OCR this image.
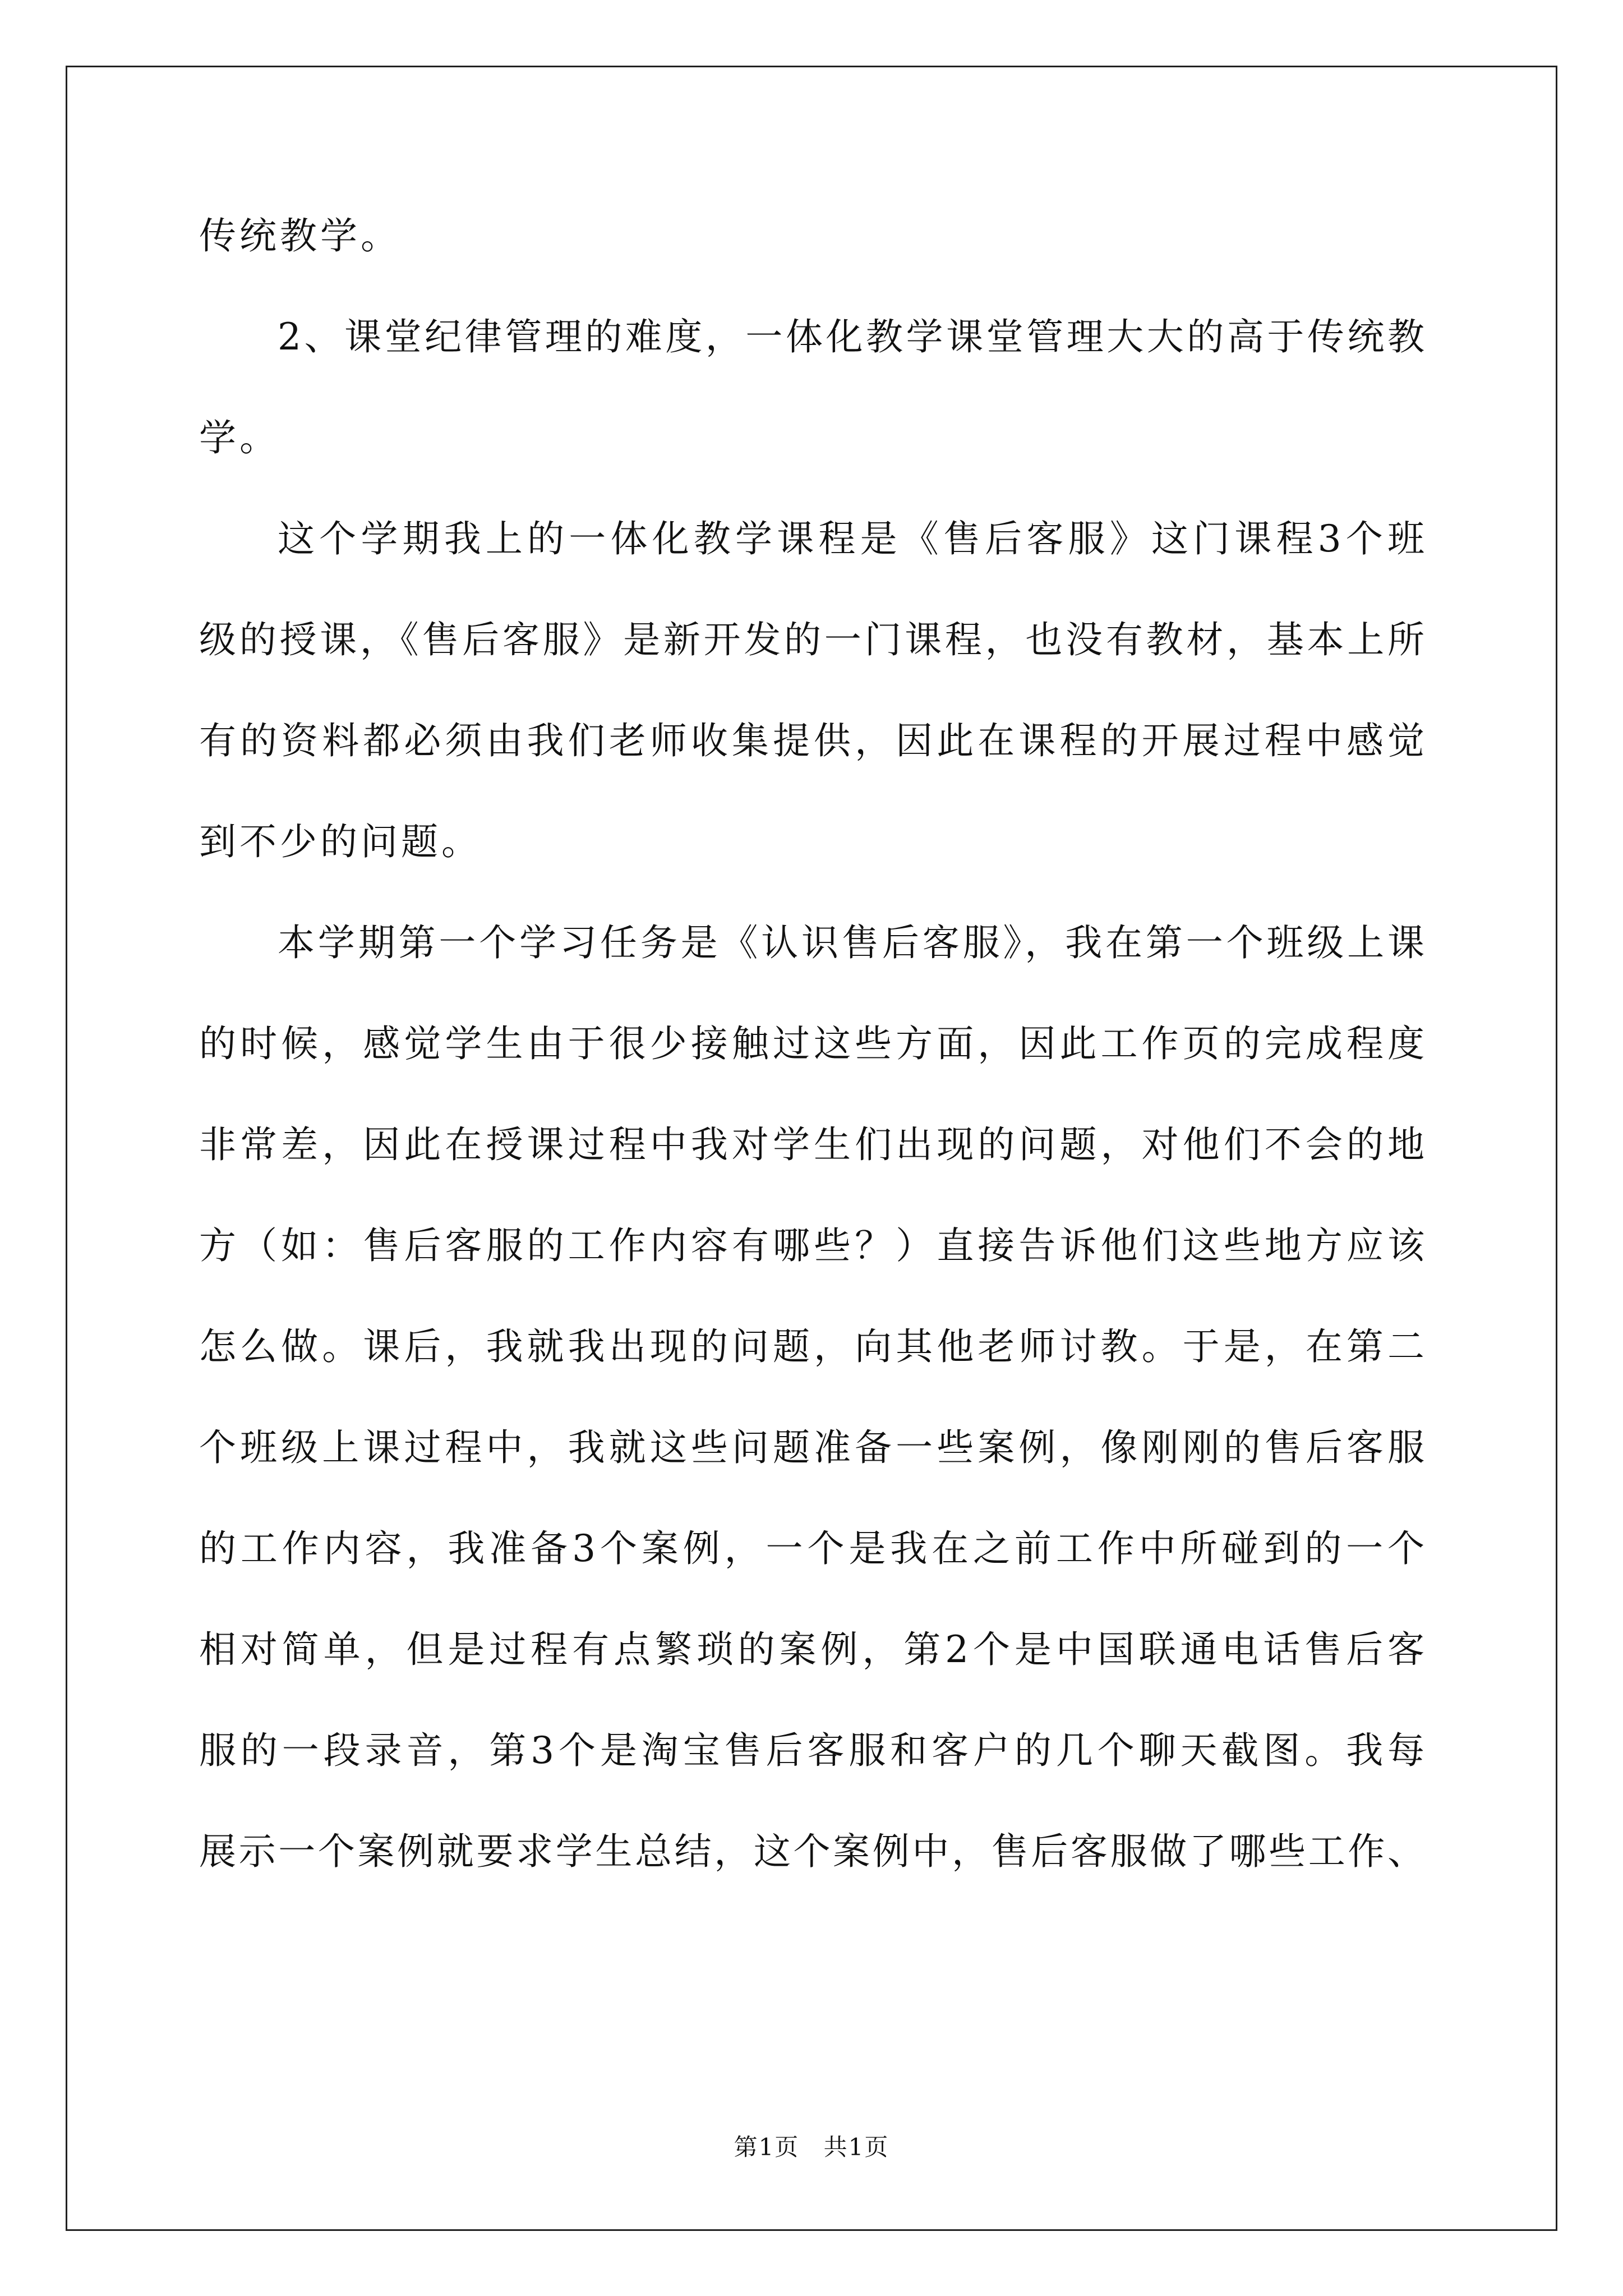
传统教学。
2、课堂纪律管理的难度，一体化教学课堂管理大大的高于传统教
学。
这个学期我上的一体化教学课程是《售后客服》这门课程3个班
级的授课，《售后客服》是新开发的一门课程，也没有教材，基本上所
有的资料都必须由我们老师收集提供，因此在课程的开展过程中感觉
到不少的问题。
本学期第一个学习任务是《认识售后客服》，我在第一个班级上课
的时候，感觉学生由于很少接触过这些方面，因此工作页的完成程度
非常差，因此在授课过程中我对学生们出现的问题，对他们不会的地
方（如：售后客服的工作内容有哪些？）直接告诉他们这些地方应该
怎么做。课后，我就我出现的问题，向其他老师讨教。于是，在第二
个班级上课过程中，我就这些问题准备一些案例，像刚刚的售后客服
的工作内容，我准备3个案例，一个是我在之前工作中所碰到的一个
相对简单，但是过程有点繁琐的案例，第2个是中国联通电话售后客
服的一段录音，第3个是淘宝售后客服和客户的几个聊天截图。我每
展示一个案例就要求学生总结，这个案例中，售后客服做了哪些工作、
第1页 共1页
